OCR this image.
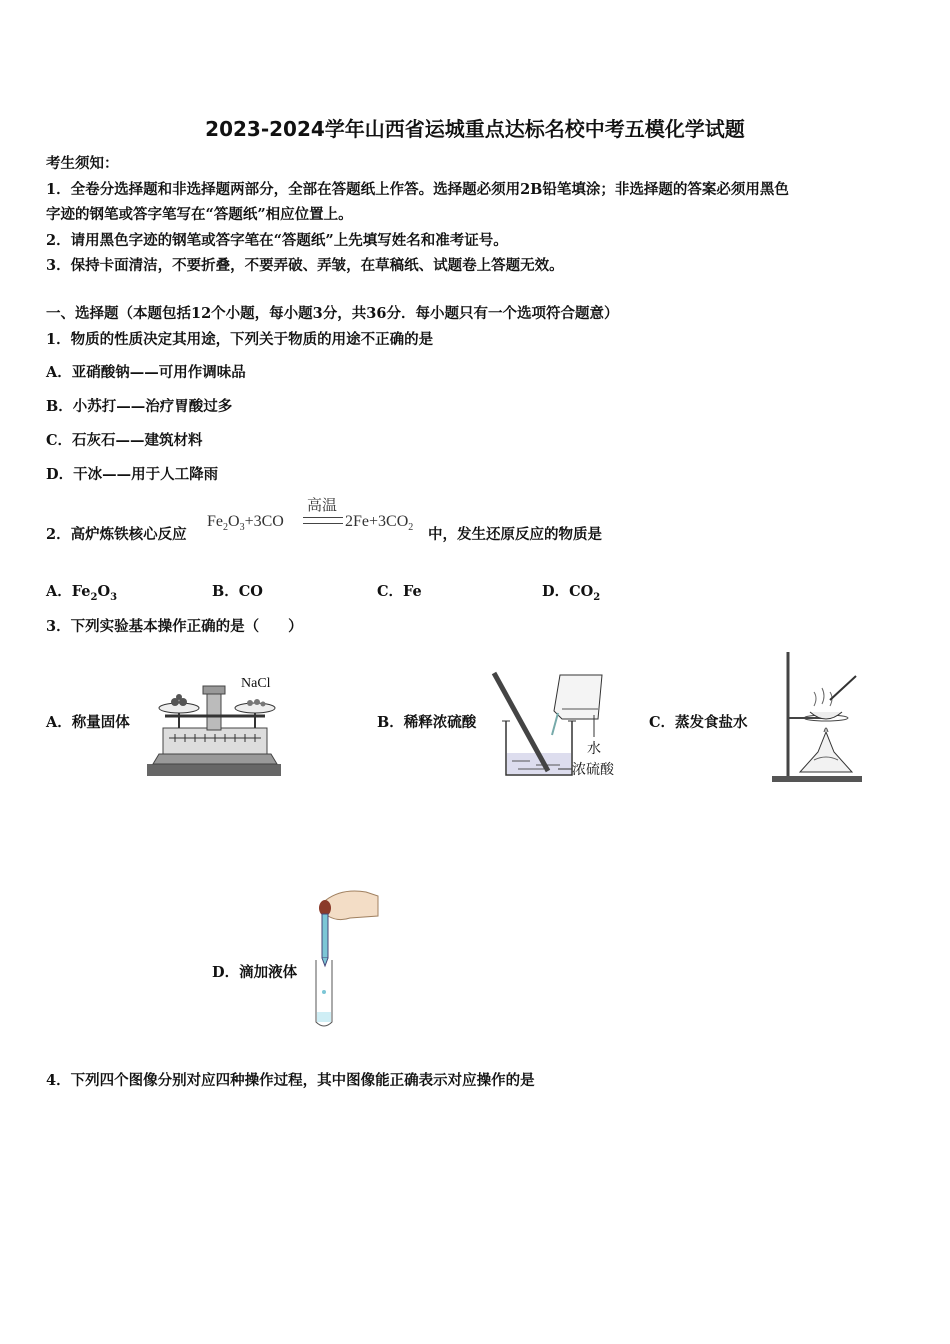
2023-2024学年山西省运城重点达标名校中考五模化学试题
考生须知：
1．全卷分选择题和非选择题两部分，全部在答题纸上作答。选择题必须用2B铅笔填涂；非选择题的答案必须用黑色
字迹的钢笔或答字笔写在“答题纸”相应位置上。
2．请用黑色字迹的钢笔或答字笔在“答题纸”上先填写姓名和准考证号。
3．保持卡面清洁，不要折叠，不要弄破、弄皱，在草稿纸、试题卷上答题无效。
一、选择题（本题包括12个小题，每小题3分，共36分．每小题只有一个选项符合题意）
1．物质的性质决定其用途，下列关于物质的用途不正确的是
A．亚硝酸钠——可用作调味品
B．小苏打——治疗胃酸过多
C．石灰石——建筑材料
D．干冰——用于人工降雨
2．高炉炼铁核心反应
$Fe_2O_3+3CO$
高温
$2Fe+3CO_2$ 中，发生还原反应的物质是
A．$Fe_2O_3$	B．CO	C．Fe	D．$CO_2$
3．下列实验基本操作正确的是（　　）
A．称量固体
NaCl
B．稀释浓硫酸
水
浓硫酸
C．蒸发食盐水
D．滴加液体
4．下列四个图像分别对应四种操作过程，其中图像能正确表示对应操作的是
